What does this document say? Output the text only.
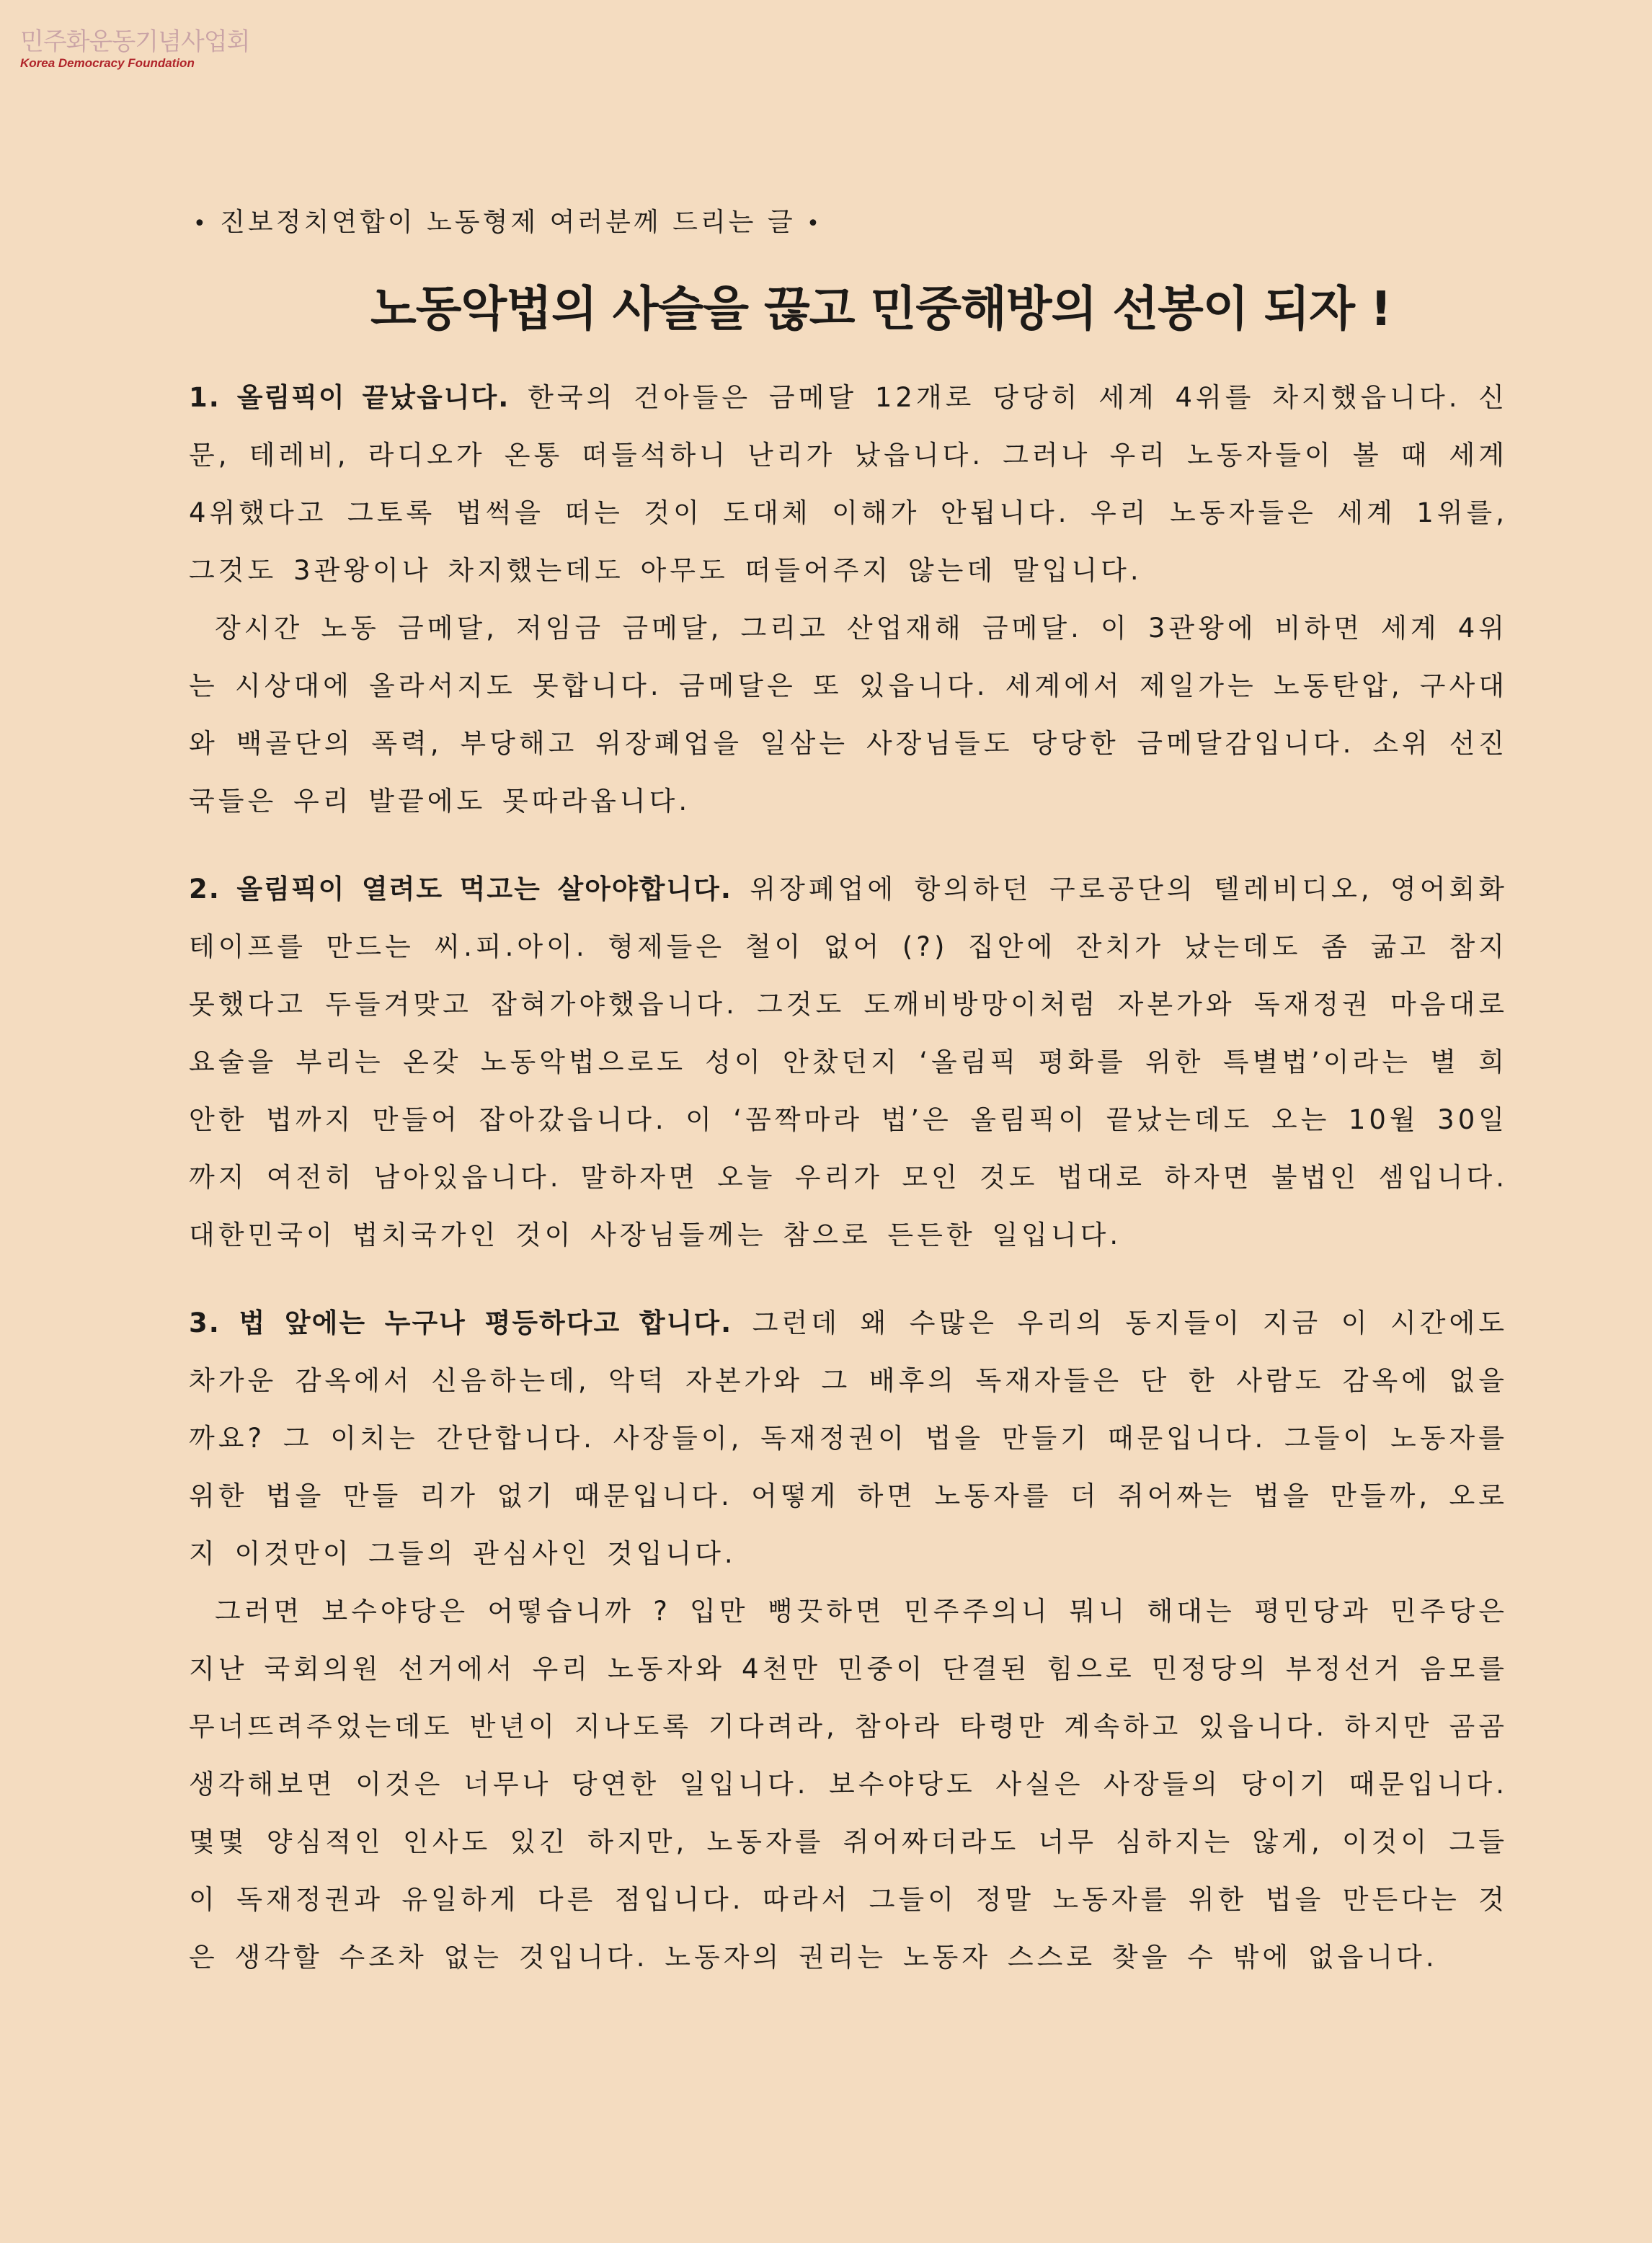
민주화운동기념사업회
Korea Democracy Foundation
• 진보정치연합이 노동형제 여러분께 드리는 글 •
노동악법의 사슬을 끊고 민중해방의 선봉이 되자 !
1. 올림픽이 끝났읍니다. 한국의 건아들은 금메달 12개로 당당히 세계 4위를 차지했읍니다. 신문, 테레비, 라디오가 온통 떠들석하니 난리가 났읍니다. 그러나 우리 노동자들이 볼 때 세계 4위했다고 그토록 법썩을 떠는 것이 도대체 이해가 안됩니다. 우리 노동자들은 세계 1위를, 그것도 3관왕이나 차지했는데도 아무도 떠들어주지 않는데 말입니다.
장시간 노동 금메달, 저임금 금메달, 그리고 산업재해 금메달. 이 3관왕에 비하면 세계 4위는 시상대에 올라서지도 못합니다. 금메달은 또 있읍니다. 세계에서 제일가는 노동탄압, 구사대와 백골단의 폭력, 부당해고 위장폐업을 일삼는 사장님들도 당당한 금메달감입니다. 소위 선진국들은 우리 발끝에도 못따라옵니다.
2. 올림픽이 열려도 먹고는 살아야합니다. 위장폐업에 항의하던 구로공단의 텔레비디오, 영어회화 테이프를 만드는 씨.피.아이. 형제들은 철이 없어 (?) 집안에 잔치가 났는데도 좀 굶고 참지 못했다고 두들겨맞고 잡혀가야했읍니다. 그것도 도깨비방망이처럼 자본가와 독재정권 마음대로 요술을 부리는 온갖 노동악법으로도 성이 안찼던지 ‘올림픽 평화를 위한 특별법’이라는 별 희안한 법까지 만들어 잡아갔읍니다. 이 ‘꼼짝마라 법’은 올림픽이 끝났는데도 오는 10월 30일까지 여전히 남아있읍니다. 말하자면 오늘 우리가 모인 것도 법대로 하자면 불법인 셈입니다. 대한민국이 법치국가인 것이 사장님들께는 참으로 든든한 일입니다.
3. 법 앞에는 누구나 평등하다고 합니다. 그런데 왜 수많은 우리의 동지들이 지금 이 시간에도 차가운 감옥에서 신음하는데, 악덕 자본가와 그 배후의 독재자들은 단 한 사람도 감옥에 없을까요? 그 이치는 간단합니다. 사장들이, 독재정권이 법을 만들기 때문입니다. 그들이 노동자를 위한 법을 만들 리가 없기 때문입니다. 어떻게 하면 노동자를 더 쥐어짜는 법을 만들까, 오로지 이것만이 그들의 관심사인 것입니다.
그러면 보수야당은 어떻습니까 ? 입만 뻥끗하면 민주주의니 뭐니 해대는 평민당과 민주당은 지난 국회의원 선거에서 우리 노동자와 4천만 민중이 단결된 힘으로 민정당의 부정선거 음모를 무너뜨려주었는데도 반년이 지나도록 기다려라, 참아라 타령만 계속하고 있읍니다. 하지만 곰곰 생각해보면 이것은 너무나 당연한 일입니다. 보수야당도 사실은 사장들의 당이기 때문입니다. 몇몇 양심적인 인사도 있긴 하지만, 노동자를 쥐어짜더라도 너무 심하지는 않게, 이것이 그들이 독재정권과 유일하게 다른 점입니다. 따라서 그들이 정말 노동자를 위한 법을 만든다는 것은 생각할 수조차 없는 것입니다. 노동자의 권리는 노동자 스스로 찾을 수 밖에 없읍니다.
